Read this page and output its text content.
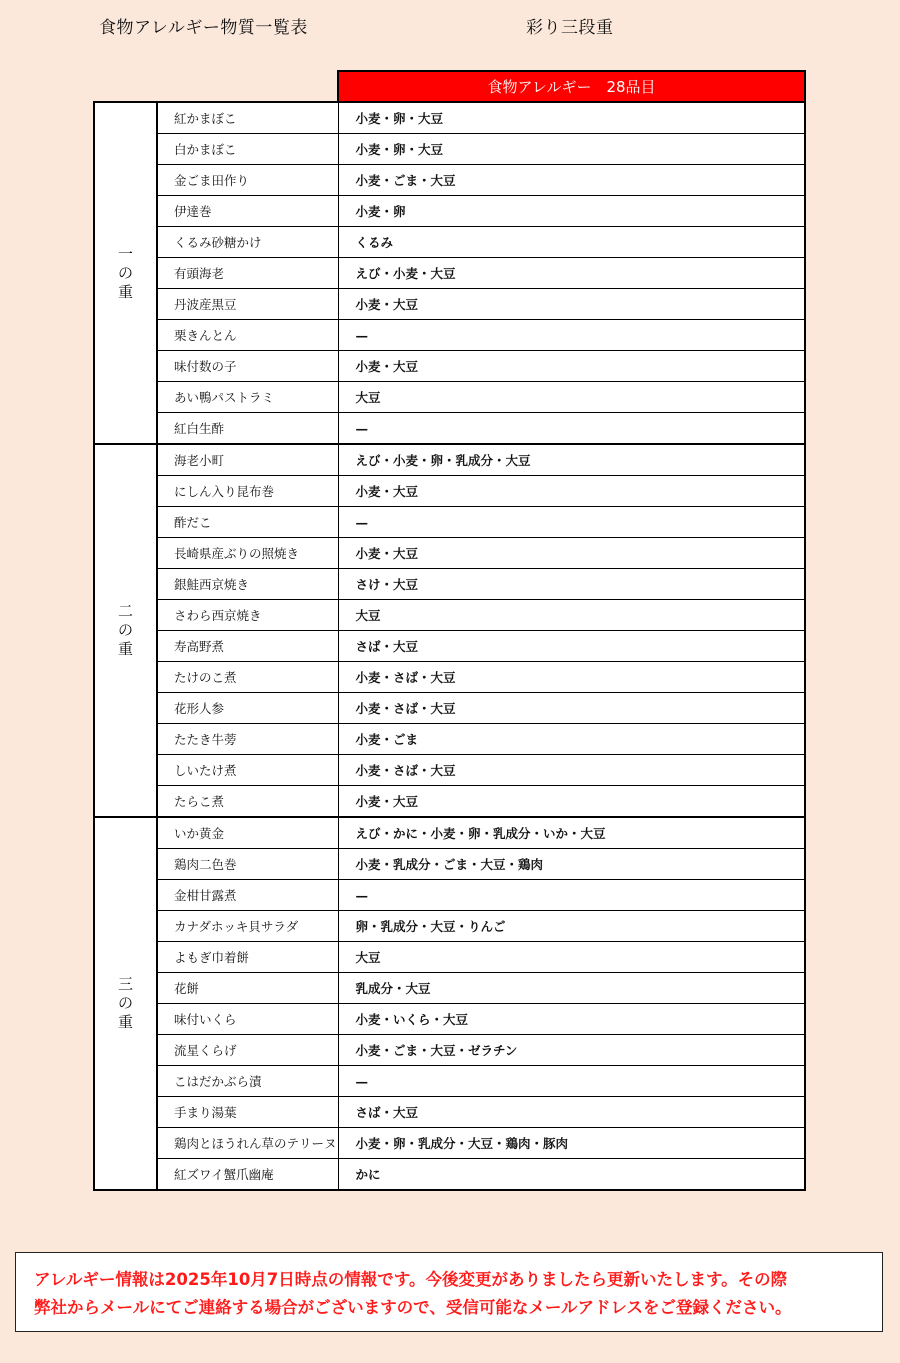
食物アレルギー物質一覧表	彩り三段重
		食物アレルギー　28品目

一
の
重	紅かまぼこ	小麦・卵・大豆
	白かまぼこ	小麦・卵・大豆
	金ごま田作り	小麦・ごま・大豆
	伊達巻	小麦・卵
	くるみ砂糖かけ	くるみ
	有頭海老	えび・小麦・大豆
	丹波産黒豆	小麦・大豆
	栗きんとん	—
	味付数の子	小麦・大豆
	あい鴨パストラミ	大豆
	紅白生酢	—

二
の
重	海老小町	えび・小麦・卵・乳成分・大豆
	にしん入り昆布巻	小麦・大豆
	酢だこ	—
	長崎県産ぶりの照焼き	小麦・大豆
	銀鮭西京焼き	さけ・大豆
	さわら西京焼き	大豆
	寿高野煮	さば・大豆
	たけのこ煮	小麦・さば・大豆
	花形人参	小麦・さば・大豆
	たたき牛蒡	小麦・ごま
	しいたけ煮	小麦・さば・大豆
	たらこ煮	小麦・大豆

三
の
重	いか黄金	えび・かに・小麦・卵・乳成分・いか・大豆
	鶏肉二色巻	小麦・乳成分・ごま・大豆・鶏肉
	金柑甘露煮	—
	カナダホッキ貝サラダ	卵・乳成分・大豆・りんご
	よもぎ巾着餅	大豆
	花餅	乳成分・大豆
	味付いくら	小麦・いくら・大豆
	流星くらげ	小麦・ごま・大豆・ゼラチン
	こはだかぶら漬	—
	手まり湯葉	さば・大豆
	鶏肉とほうれん草のテリーヌ	小麦・卵・乳成分・大豆・鶏肉・豚肉
	紅ズワイ蟹爪幽庵	かに

アレルギー情報は2025年10月7日時点の情報です。今後変更がありましたら更新いたします。その際

弊社からメールにてご連絡する場合がございますので、受信可能なメールアドレスをご登録ください。
